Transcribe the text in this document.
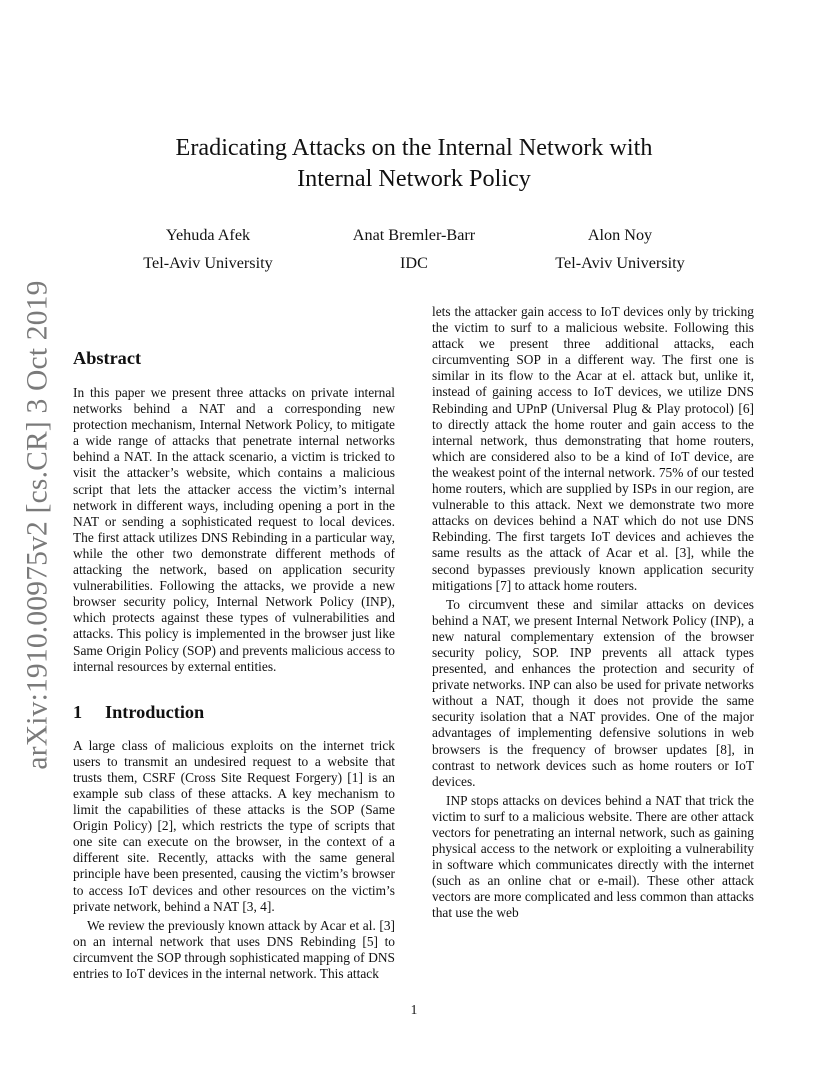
arXiv:1910.00975v2 [cs.CR] 3 Oct 2019
Eradicating Attacks on the Internal Network with
Internal Network Policy
Yehuda Afek
Tel-Aviv University
Anat Bremler-Barr
IDC
Alon Noy
Tel-Aviv University
Abstract

In this paper we present three attacks on private internal networks behind a NAT and a corresponding new protection mechanism, Internal Network Policy, to mitigate a wide range of attacks that penetrate internal networks behind a NAT. In the attack scenario, a victim is tricked to visit the attacker’s website, which contains a malicious script that lets the attacker access the victim’s internal network in different ways, including opening a port in the NAT or sending a sophisticated request to local devices. The first attack utilizes DNS Rebinding in a particular way, while the other two demonstrate different methods of attacking the network, based on application security vulnerabilities. Following the attacks, we provide a new browser security policy, Internal Network Policy (INP), which protects against these types of vulnerabilities and attacks. This policy is implemented in the browser just like Same Origin Policy (SOP) and prevents malicious access to internal resources by external entities.

1 Introduction

A large class of malicious exploits on the internet trick users to transmit an undesired request to a website that trusts them, CSRF (Cross Site Request Forgery) [1] is an example sub class of these attacks. A key mechanism to limit the capabilities of these attacks is the SOP (Same Origin Policy) [2], which restricts the type of scripts that one site can execute on the browser, in the context of a different site. Recently, attacks with the same general principle have been presented, causing the victim’s browser to access IoT devices and other resources on the victim’s private network, behind a NAT [3, 4].

We review the previously known attack by Acar et al. [3] on an internal network that uses DNS Rebinding [5] to circumvent the SOP through sophisticated mapping of DNS entries to IoT devices in the internal network. This attack

lets the attacker gain access to IoT devices only by tricking the victim to surf to a malicious website. Following this attack we present three additional attacks, each circumventing SOP in a different way. The first one is similar in its flow to the Acar at el. attack but, unlike it, instead of gaining access to IoT devices, we utilize DNS Rebinding and UPnP (Universal Plug & Play protocol) [6] to directly attack the home router and gain access to the internal network, thus demonstrating that home routers, which are considered also to be a kind of IoT device, are the weakest point of the internal network. 75% of our tested home routers, which are supplied by ISPs in our region, are vulnerable to this attack. Next we demonstrate two more attacks on devices behind a NAT which do not use DNS Rebinding. The first targets IoT devices and achieves the same results as the attack of Acar et al. [3], while the second bypasses previously known application security mitigations [7] to attack home routers.

To circumvent these and similar attacks on devices behind a NAT, we present Internal Network Policy (INP), a new natural complementary extension of the browser security policy, SOP. INP prevents all attack types presented, and enhances the protection and security of private networks. INP can also be used for private networks without a NAT, though it does not provide the same security isolation that a NAT provides. One of the major advantages of implementing defensive solutions in web browsers is the frequency of browser updates [8], in contrast to network devices such as home routers or IoT devices.

INP stops attacks on devices behind a NAT that trick the victim to surf to a malicious website. There are other attack vectors for penetrating an internal network, such as gaining physical access to the network or exploiting a vulnerability in software which communicates directly with the internet (such as an online chat or e-mail). These other attack vectors are more complicated and less common than attacks that use the web

1
